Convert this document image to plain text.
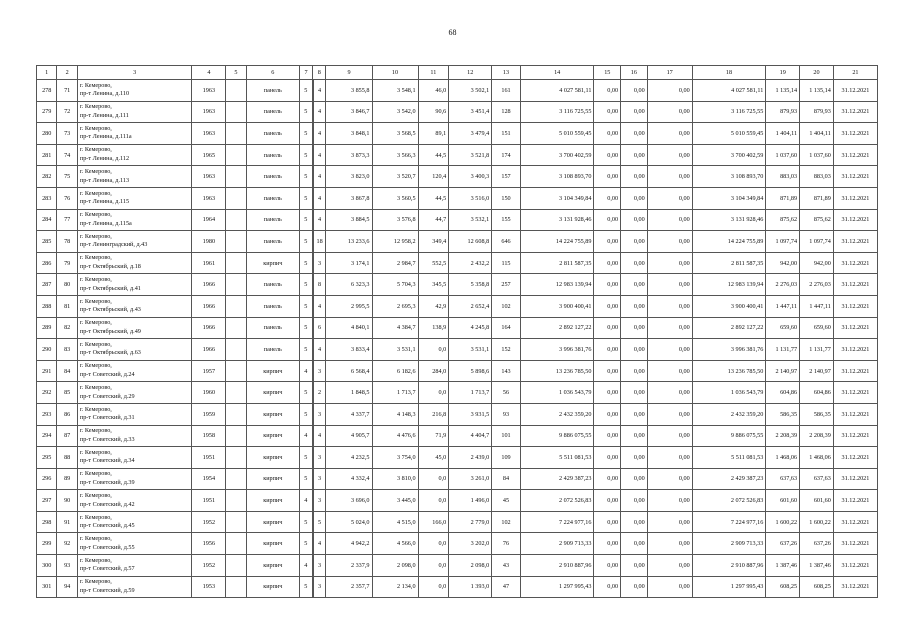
68
1	2	3	4	5	6	7	8	9	10	11	12	13	14	15	16	17	18	19	20	21
278	71	г. Кемерово,
пр-т Ленина, д.110	1963		панель	5	4	3 855,8	3 548,1	46,0	3 502,1	161	4 027 581,11	0,00	0,00	0,00	4 027 581,11	1 135,14	1 135,14	31.12.2021
279	72	г. Кемерово,
пр-т Ленина, д.111	1963		панель	5	4	3 846,7	3 542,0	90,6	3 451,4	128	3 116 725,55	0,00	0,00	0,00	3 116 725,55	879,93	879,93	31.12.2021
280	73	г. Кемерово,
пр-т Ленина, д.111а	1963		панель	5	4	3 848,1	3 568,5	89,1	3 479,4	151	5 010 559,45	0,00	0,00	0,00	5 010 559,45	1 404,11	1 404,11	31.12.2021
281	74	г. Кемерово,
пр-т Ленина, д.112	1965		панель	5	4	3 873,3	3 566,3	44,5	3 521,8	174	3 700 402,59	0,00	0,00	0,00	3 700 402,59	1 037,60	1 037,60	31.12.2021
282	75	г. Кемерово,
пр-т Ленина, д.113	1963		панель	5	4	3 823,0	3 520,7	120,4	3 400,3	157	3 108 893,70	0,00	0,00	0,00	3 108 893,70	883,03	883,03	31.12.2021
283	76	г. Кемерово,
пр-т Ленина, д.115	1963		панель	5	4	3 867,8	3 560,5	44,5	3 516,0	150	3 104 349,84	0,00	0,00	0,00	3 104 349,84	871,89	871,89	31.12.2021
284	77	г. Кемерово,
пр-т Ленина, д.115а	1964		панель	5	4	3 884,5	3 576,8	44,7	3 532,1	155	3 131 928,46	0,00	0,00	0,00	3 131 928,46	875,62	875,62	31.12.2021
285	78	г. Кемерово,
пр-т Ленинградский, д.43	1980		панель	5	18	13 233,6	12 958,2	349,4	12 608,8	646	14 224 755,89	0,00	0,00	0,00	14 224 755,89	1 097,74	1 097,74	31.12.2021
286	79	г. Кемерово,
пр-т Октябрьский, д.18	1961		кирпич	5	3	3 174,1	2 984,7	552,5	2 432,2	115	2 811 587,35	0,00	0,00	0,00	2 811 587,35	942,00	942,00	31.12.2021
287	80	г. Кемерово,
пр-т Октябрьский, д.41	1966		панель	5	8	6 323,3	5 704,3	345,5	5 358,8	257	12 983 139,94	0,00	0,00	0,00	12 983 139,94	2 276,03	2 276,03	31.12.2021
288	81	г. Кемерово,
пр-т Октябрьский, д.43	1966		панель	5	4	2 995,5	2 695,3	42,9	2 652,4	102	3 900 400,41	0,00	0,00	0,00	3 900 400,41	1 447,11	1 447,11	31.12.2021
289	82	г. Кемерово,
пр-т Октябрьский, д.49	1966		панель	5	6	4 840,1	4 384,7	138,9	4 245,8	164	2 892 127,22	0,00	0,00	0,00	2 892 127,22	659,60	659,60	31.12.2021
290	83	г. Кемерово,
пр-т Октябрьский, д.63	1966		панель	5	4	3 833,4	3 531,1	0,0	3 531,1	152	3 996 381,76	0,00	0,00	0,00	3 996 381,76	1 131,77	1 131,77	31.12.2021
291	84	г. Кемерово,
пр-т Советский, д.24	1957		кирпич	4	3	6 568,4	6 182,6	284,0	5 898,6	143	13 236 785,50	0,00	0,00	0,00	13 236 785,50	2 140,97	2 140,97	31.12.2021
292	85	г. Кемерово,
пр-т Советский, д.29	1960		кирпич	5	2	1 848,5	1 713,7	0,0	1 713,7	56	1 036 543,79	0,00	0,00	0,00	1 036 543,79	604,86	604,86	31.12.2021
293	86	г. Кемерово,
пр-т Советский, д.31	1959		кирпич	5	3	4 337,7	4 148,3	216,8	3 931,5	93	2 432 359,20	0,00	0,00	0,00	2 432 359,20	586,35	586,35	31.12.2021
294	87	г. Кемерово,
пр-т Советский, д.33	1958		кирпич	4	4	4 905,7	4 476,6	71,9	4 404,7	101	9 886 075,55	0,00	0,00	0,00	9 886 075,55	2 208,39	2 208,39	31.12.2021
295	88	г. Кемерово,
пр-т Советский, д.34	1951		кирпич	5	3	4 232,5	3 754,0	45,0	2 439,0	109	5 511 081,53	0,00	0,00	0,00	5 511 081,53	1 468,06	1 468,06	31.12.2021
296	89	г. Кемерово,
пр-т Советский, д.39	1954		кирпич	5	3	4 332,4	3 810,0	0,0	3 261,0	84	2 429 387,23	0,00	0,00	0,00	2 429 387,23	637,63	637,63	31.12.2021
297	90	г. Кемерово,
пр-т Советский, д.42	1951		кирпич	4	3	3 696,0	3 445,0	0,0	1 496,0	45	2 072 526,83	0,00	0,00	0,00	2 072 526,83	601,60	601,60	31.12.2021
298	91	г. Кемерово,
пр-т Советский, д.45	1952		кирпич	5	5	5 024,0	4 515,0	166,0	2 779,0	102	7 224 977,16	0,00	0,00	0,00	7 224 977,16	1 600,22	1 600,22	31.12.2021
299	92	г. Кемерово,
пр-т Советский, д.55	1956		кирпич	5	4	4 942,2	4 566,0	0,0	3 202,0	76	2 909 713,33	0,00	0,00	0,00	2 909 713,33	637,26	637,26	31.12.2021
300	93	г. Кемерово,
пр-т Советский, д.57	1952		кирпич	4	3	2 337,9	2 098,0	0,0	2 098,0	43	2 910 887,96	0,00	0,00	0,00	2 910 887,96	1 387,46	1 387,46	31.12.2021
301	94	г. Кемерово,
пр-т Советский, д.59	1953		кирпич	5	3	2 357,7	2 134,0	0,0	1 393,0	47	1 297 995,43	0,00	0,00	0,00	1 297 995,43	608,25	608,25	31.12.2021
